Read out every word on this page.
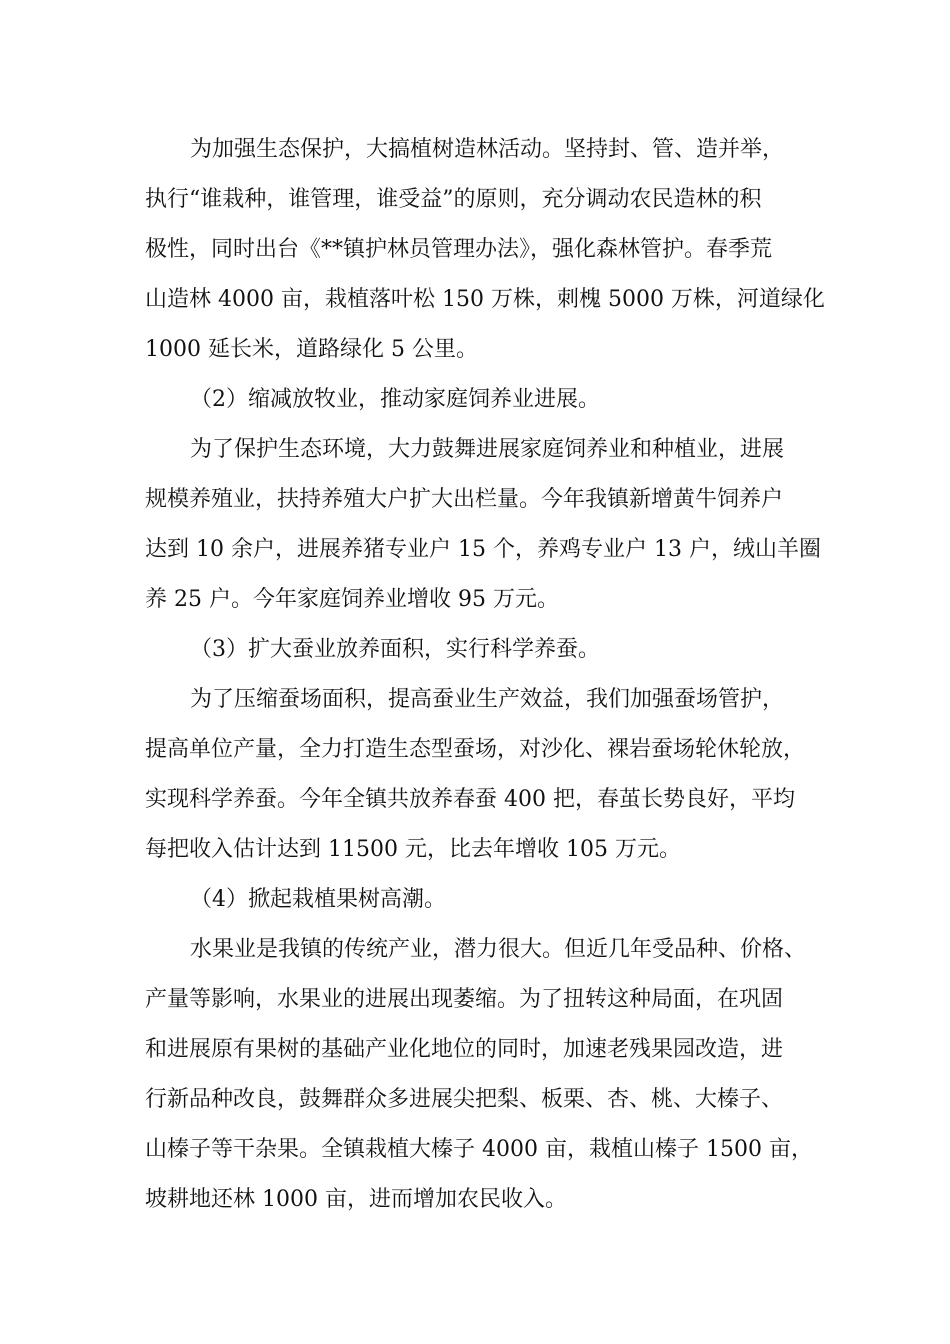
为加强生态保护，大搞植树造林活动。坚持封、管、造并举，

执行“谁栽种，谁管理，谁受益”的原则，充分调动农民造林的积

极性，同时出台《**镇护林员管理办法》，强化森林管护。春季荒

山造林 4000 亩，栽植落叶松 150 万株，刺槐 5000 万株，河道绿化

1000 延长米，道路绿化 5 公里。

（2）缩减放牧业，推动家庭饲养业进展。

为了保护生态环境，大力鼓舞进展家庭饲养业和种植业，进展

规模养殖业，扶持养殖大户扩大出栏量。今年我镇新增黄牛饲养户

达到 10 余户，进展养猪专业户 15 个，养鸡专业户 13 户，绒山羊圈

养 25 户。今年家庭饲养业增收 95 万元。

（3）扩大蚕业放养面积，实行科学养蚕。

为了压缩蚕场面积，提高蚕业生产效益，我们加强蚕场管护，

提高单位产量，全力打造生态型蚕场，对沙化、裸岩蚕场轮休轮放，

实现科学养蚕。今年全镇共放养春蚕 400 把，春茧长势良好，平均

每把收入估计达到 11500 元，比去年增收 105 万元。

（4）掀起栽植果树高潮。

水果业是我镇的传统产业，潜力很大。但近几年受品种、价格、

产量等影响，水果业的进展出现萎缩。为了扭转这种局面，在巩固

和进展原有果树的基础产业化地位的同时，加速老残果园改造，进

行新品种改良，鼓舞群众多进展尖把梨、板栗、杏、桃、大榛子、

山榛子等干杂果。全镇栽植大榛子 4000 亩，栽植山榛子 1500 亩，

坡耕地还林 1000 亩，进而增加农民收入。
